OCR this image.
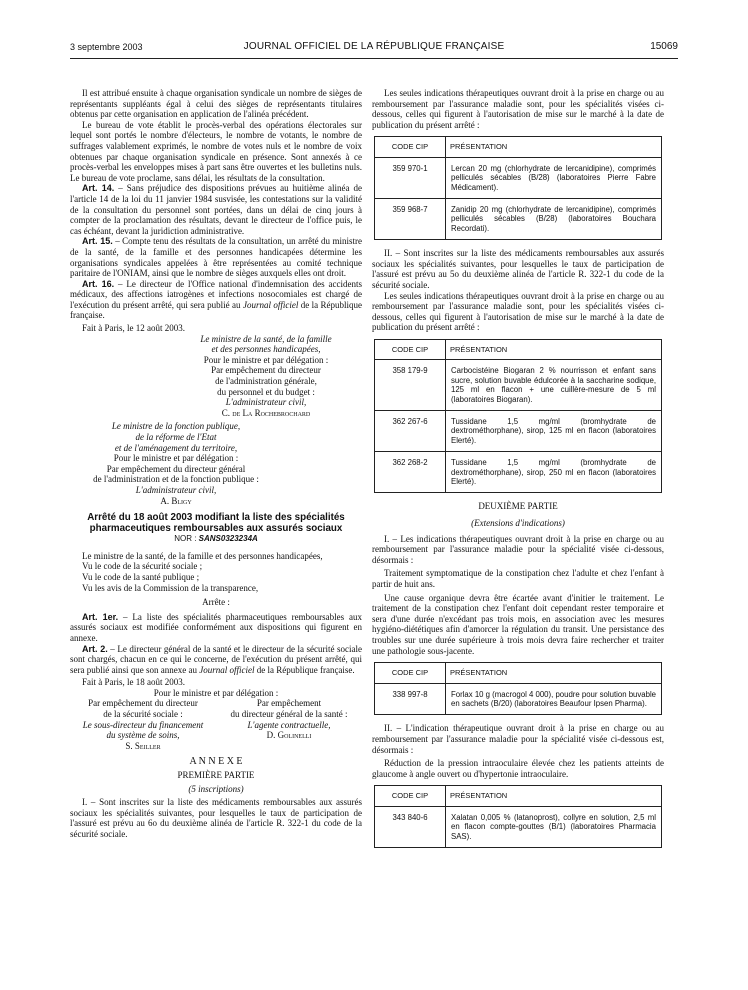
3 septembre 2003	JOURNAL OFFICIEL DE LA RÉPUBLIQUE FRANÇAISE	15069

Il est attribué ensuite à chaque organisation syndicale un nombre de sièges de représentants suppléants égal à celui des sièges de représentants titulaires obtenus par cette organisation en application de l'alinéa précédent.

Le bureau de vote établit le procès-verbal des opérations électorales sur lequel sont portés le nombre d'électeurs, le nombre de votants, le nombre de suffrages valablement exprimés, le nombre de votes nuls et le nombre de voix obtenues par chaque organisation syndicale en présence. Sont annexés à ce procès-verbal les enveloppes mises à part sans être ouvertes et les bulletins nuls. Le bureau de vote proclame, sans délai, les résultats de la consultation.

Art. 14. – Sans préjudice des dispositions prévues au huitième alinéa de l'article 14 de la loi du 11 janvier 1984 susvisée, les contestations sur la validité de la consultation du personnel sont portées, dans un délai de cinq jours à compter de la proclamation des résultats, devant le directeur de l'office puis, le cas échéant, devant la juridiction administrative.

Art. 15. – Compte tenu des résultats de la consultation, un arrêté du ministre de la santé, de la famille et des personnes handicapées détermine les organisations syndicales appelées à être représentées au comité technique paritaire de l'ONIAM, ainsi que le nombre de sièges auxquels elles ont droit.

Art. 16. – Le directeur de l'Office national d'indemnisation des accidents médicaux, des affections iatrogènes et infections nosocomiales est chargé de l'exécution du présent arrêté, qui sera publié au Journal officiel de la République française.

Fait à Paris, le 12 août 2003.

Le ministre de la santé, de la famille

et des personnes handicapées,

Pour le ministre et par délégation :

Par empêchement du directeur

de l'administration générale,

du personnel et du budget :

L'administrateur civil,

C. de La Rochebrochard

Le ministre de la fonction publique,

de la réforme de l'Etat

et de l'aménagement du territoire,

Pour le ministre et par délégation :

Par empêchement du directeur général

de l'administration et de la fonction publique :

L'administrateur civil,

A. Bligy

Arrêté du 18 août 2003 modifiant la liste des spécialités pharmaceutiques remboursables aux assurés sociaux
NOR : SANS0323234A

Le ministre de la santé, de la famille et des personnes handicapées,

Vu le code de la sécurité sociale ;

Vu le code de la santé publique ;

Vu les avis de la Commission de la transparence,

Arrête :

Art. 1er. – La liste des spécialités pharmaceutiques remboursables aux assurés sociaux est modifiée conformément aux dispositions qui figurent en annexe.

Art. 2. – Le directeur général de la santé et le directeur de la sécurité sociale sont chargés, chacun en ce qui le concerne, de l'exécution du présent arrêté, qui sera publié ainsi que son annexe au Journal officiel de la République française.

Fait à Paris, le 18 août 2003.

Pour le ministre et par délégation :

Par empêchement du directeur
de la sécurité sociale :
Le sous-directeur du financement
du système de soins,
S. Seiller
Par empêchement
du directeur général de la santé :
L'agente contractuelle,
D. Golinelli

A N N E X E

PREMIÈRE PARTIE

(5 inscriptions)

I. – Sont inscrites sur la liste des médicaments remboursables aux assurés sociaux les spécialités suivantes, pour lesquelles le taux de participation de l'assuré est prévu au 6o du deuxième alinéa de l'article R. 322-1 du code de la sécurité sociale.

Les seules indications thérapeutiques ouvrant droit à la prise en charge ou au remboursement par l'assurance maladie sont, pour les spécialités visées ci-dessous, celles qui figurent à l'autorisation de mise sur le marché à la date de publication du présent arrêté :

CODE CIP	PRÉSENTATION
359 970-1	Lercan 20 mg (chlorhydrate de lercanidipine), comprimés pelliculés sécables (B/28) (laboratoires Pierre Fabre Médicament).
359 968-7	Zanidip 20 mg (chlorhydrate de lercanidipine), comprimés pelliculés sécables (B/28) (laboratoires Bouchara Recordati).

II. – Sont inscrites sur la liste des médicaments remboursables aux assurés sociaux les spécialités suivantes, pour lesquelles le taux de participation de l'assuré est prévu au 5o du deuxième alinéa de l'article R. 322-1 du code de la sécurité sociale.

Les seules indications thérapeutiques ouvrant droit à la prise en charge ou au remboursement par l'assurance maladie sont, pour les spécialités visées ci-dessous, celles qui figurent à l'autorisation de mise sur le marché à la date de publication du présent arrêté :

CODE CIP	PRÉSENTATION
358 179-9	Carbocistéine Biogaran 2 % nourrisson et enfant sans sucre, solution buvable édulcorée à la saccharine sodique, 125 ml en flacon + une cuillère-mesure de 5 ml (laboratoires Biogaran).
362 267-6	Tussidane 1,5 mg/ml (bromhydrate de dextrométhorphane), sirop, 125 ml en flacon (laboratoires Elerté).
362 268-2	Tussidane 1,5 mg/ml (bromhydrate de dextrométhorphane), sirop, 250 ml en flacon (laboratoires Elerté).

DEUXIÈME PARTIE

(Extensions d'indications)

I. – Les indications thérapeutiques ouvrant droit à la prise en charge ou au remboursement par l'assurance maladie pour la spécialité visée ci-dessous, désormais :

Traitement symptomatique de la constipation chez l'adulte et chez l'enfant à partir de huit ans.

Une cause organique devra être écartée avant d'initier le traitement. Le traitement de la constipation chez l'enfant doit cependant rester temporaire et sera d'une durée n'excédant pas trois mois, en association avec les mesures hygiéno-diététiques afin d'amorcer la régulation du transit. Une persistance des troubles sur une durée supérieure à trois mois devra faire rechercher et traiter une pathologie sous-jacente.

CODE CIP	PRÉSENTATION
338 997-8	Forlax 10 g (macrogol 4 000), poudre pour solution buvable en sachets (B/20) (laboratoires Beaufour Ipsen Pharma).

II. – L'indication thérapeutique ouvrant droit à la prise en charge ou au remboursement par l'assurance maladie pour la spécialité visée ci-dessous est, désormais :

Réduction de la pression intraoculaire élevée chez les patients atteints de glaucome à angle ouvert ou d'hypertonie intraoculaire.

CODE CIP	PRÉSENTATION
343 840-6	Xalatan 0,005 % (latanoprost), collyre en solution, 2,5 ml en flacon compte-gouttes (B/1) (laboratoires Pharmacia SAS).
